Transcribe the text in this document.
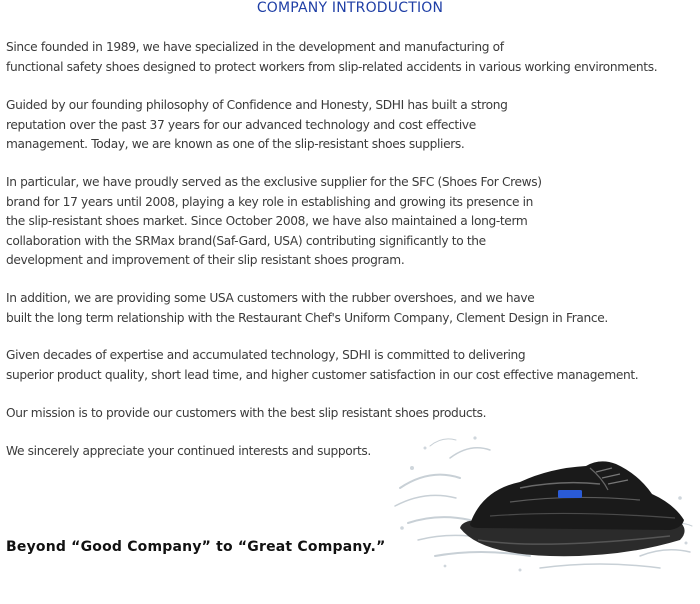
COMPANY INTRODUCTION
Since founded in 1989, we have specialized in the development and manufacturing of
functional safety shoes designed to protect workers from slip-related accidents in various working environments.
Guided by our founding philosophy of Confidence and Honesty, SDHI has built a strong
reputation over the past 37 years for our advanced technology and cost effective
management. Today, we are known as one of the slip-resistant shoes suppliers.
In particular, we have proudly served as the exclusive supplier for the SFC (Shoes For Crews)
brand for 17 years until 2008, playing a key role in establishing and growing its presence in
the slip-resistant shoes market. Since October 2008, we have also maintained a long-term
collaboration with the SRMax brand(Saf-Gard, USA) contributing significantly to the
development and improvement of their slip resistant shoes program.
In addition, we are providing some USA customers with the rubber overshoes, and we have
built the long term relationship with the Restaurant Chef's Uniform Company, Clement Design in France.
Given decades of expertise and accumulated technology, SDHI is committed to delivering
superior product quality, short lead time, and higher customer satisfaction in our cost effective management.
Our mission is to provide our customers with the best slip resistant shoes products.
We sincerely appreciate your continued interests and supports.
Beyond “Good Company” to “Great Company.”
